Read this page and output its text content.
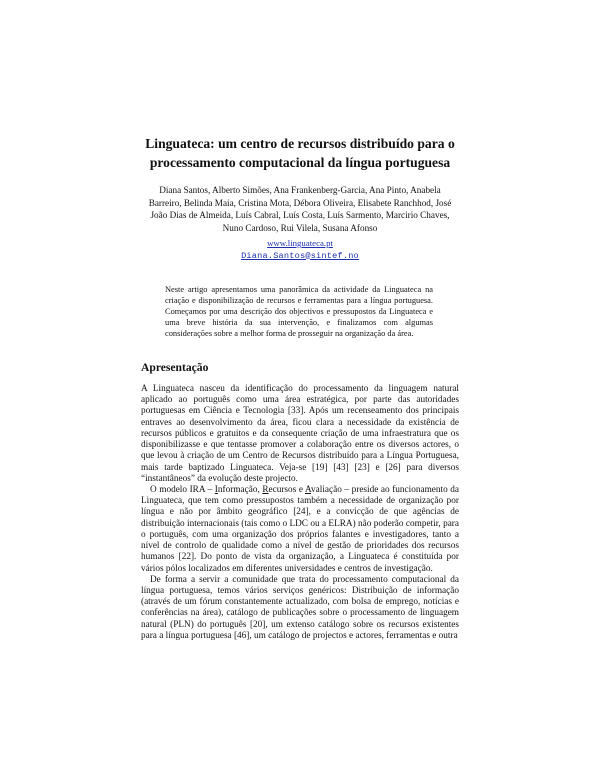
Linguateca: um centro de recursos distribuído para o
processamento computacional da língua portuguesa
Diana Santos, Alberto Simões, Ana Frankenberg-Garcia, Ana Pinto, Anabela
Barreiro, Belinda Maia, Cristina Mota, Débora Oliveira, Elisabete Ranchhod, José
João Dias de Almeida, Luís Cabral, Luís Costa, Luís Sarmento, Marcirio Chaves,
Nuno Cardoso, Rui Vilela, Susana Afonso
www.linguateca.pt
Diana.Santos@sintef.no
Neste artigo apresentamos uma panorâmica da actividade da Linguateca na criação e disponibilização de recursos e ferramentas para a língua portuguesa. Começamos por uma descrição dos objectivos e pressupostos da Linguateca e uma breve história da sua intervenção, e finalizamos com algumas considerações sobre a melhor forma de prosseguir na organização da área.
Apresentação

A Linguateca nasceu da identificação do processamento da linguagem natural aplicado ao português como uma área estratégica, por parte das autoridades portuguesas em Ciência e Tecnologia [33]. Após um recenseamento dos principais entraves ao desenvolvimento da área, ficou clara a necessidade da existência de recursos públicos e gratuitos e da consequente criação de uma infraestratura que os disponibilizasse e que tentasse promover a colaboração entre os diversos actores, o que levou à criação de um Centro de Recursos distribuído para a Língua Portuguesa, mais tarde baptizado Linguateca. Veja-se [19] [43] [23] e [26] para diversos “instantâneos” da evolução deste projecto.

O modelo IRA – Informação, Recursos e Avaliação – preside ao funcionamento da Linguateca, que tem como pressupostos também a necessidade de organização por língua e não por âmbito geográfico [24], e a convicção de que agências de distribuição internacionais (tais como o LDC ou a ELRA) não poderão competir, para o português, com uma organização dos próprios falantes e investigadores, tanto a nível de controlo de qualidade como a nível de gestão de prioridades dos recursos humanos [22]. Do ponto de vista da organização, a Linguateca é constituída por vários pólos localizados em diferentes universidades e centros de investigação.

De forma a servir a comunidade que trata do processamento computacional da língua portuguesa, temos vários serviços genéricos: Distribuição de informação (através de um fórum constantemente actualizado, com bolsa de emprego, notícias e conferências na área), catálogo de publicações sobre o processamento de linguagem natural (PLN) do português [20], um extenso catálogo sobre os recursos existentes para a língua portuguesa [46], um catálogo de projectos e actores, ferramentas e outra
